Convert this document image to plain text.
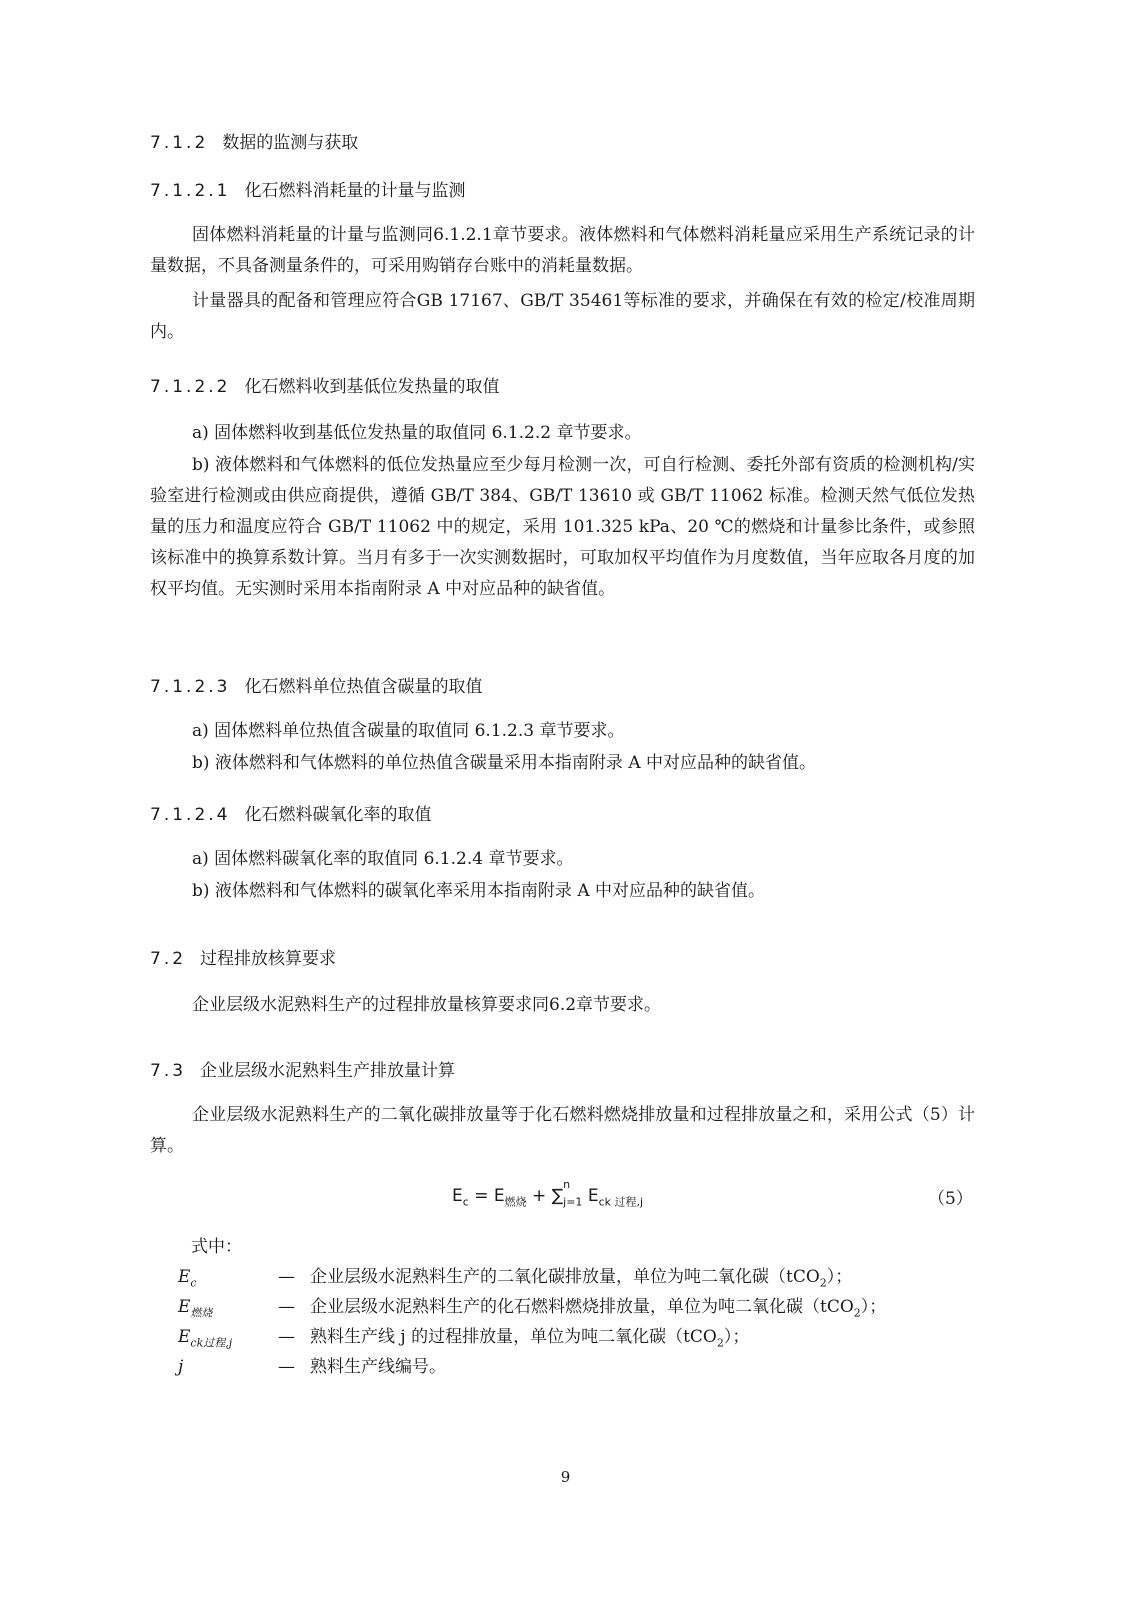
7.1.2 数据的监测与获取
7.1.2.1 化石燃料消耗量的计量与监测
固体燃料消耗量的计量与监测同6.1.2.1章节要求。液体燃料和气体燃料消耗量应采用生产系统记录的计量数据，不具备测量条件的，可采用购销存台账中的消耗量数据。
计量器具的配备和管理应符合GB 17167、GB/T 35461等标准的要求，并确保在有效的检定/校准周期内。
7.1.2.2 化石燃料收到基低位发热量的取值
a) 固体燃料收到基低位发热量的取值同 6.1.2.2 章节要求。
b) 液体燃料和气体燃料的低位发热量应至少每月检测一次，可自行检测、委托外部有资质的检测机构/实验室进行检测或由供应商提供，遵循 GB/T 384、GB/T 13610 或 GB/T 11062 标准。检测天然气低位发热量的压力和温度应符合 GB/T 11062 中的规定，采用 101.325 kPa、20 ℃的燃烧和计量参比条件，或参照该标准中的换算系数计算。当月有多于一次实测数据时，可取加权平均值作为月度数值，当年应取各月度的加权平均值。无实测时采用本指南附录 A 中对应品种的缺省值。
7.1.2.3 化石燃料单位热值含碳量的取值
a) 固体燃料单位热值含碳量的取值同 6.1.2.3 章节要求。
b) 液体燃料和气体燃料的单位热值含碳量采用本指南附录 A 中对应品种的缺省值。
7.1.2.4 化石燃料碳氧化率的取值
a) 固体燃料碳氧化率的取值同 6.1.2.4 章节要求。
b) 液体燃料和气体燃料的碳氧化率采用本指南附录 A 中对应品种的缺省值。
7.2 过程排放核算要求
企业层级水泥熟料生产的过程排放量核算要求同6.2章节要求。
7.3 企业层级水泥熟料生产排放量计算
企业层级水泥熟料生产的二氧化碳排放量等于化石燃料燃烧排放量和过程排放量之和，采用公式（5）计算。
$E_c = E_{燃烧}$ + ∑
n
$_{j=1}$ $E_{ck 过程,j}$	（5）
式中：
$E_c$	— 企业层级水泥熟料生产的二氧化碳排放量，单位为吨二氧化碳（tCO$_2$）；
$E_{燃烧}$	— 企业层级水泥熟料生产的化石燃料燃烧排放量，单位为吨二氧化碳（tCO$_2$）；
$E_{ck过程,j}$	— 熟料生产线 j 的过程排放量，单位为吨二氧化碳（tCO$_2$）；
j	— 熟料生产线编号。
9
